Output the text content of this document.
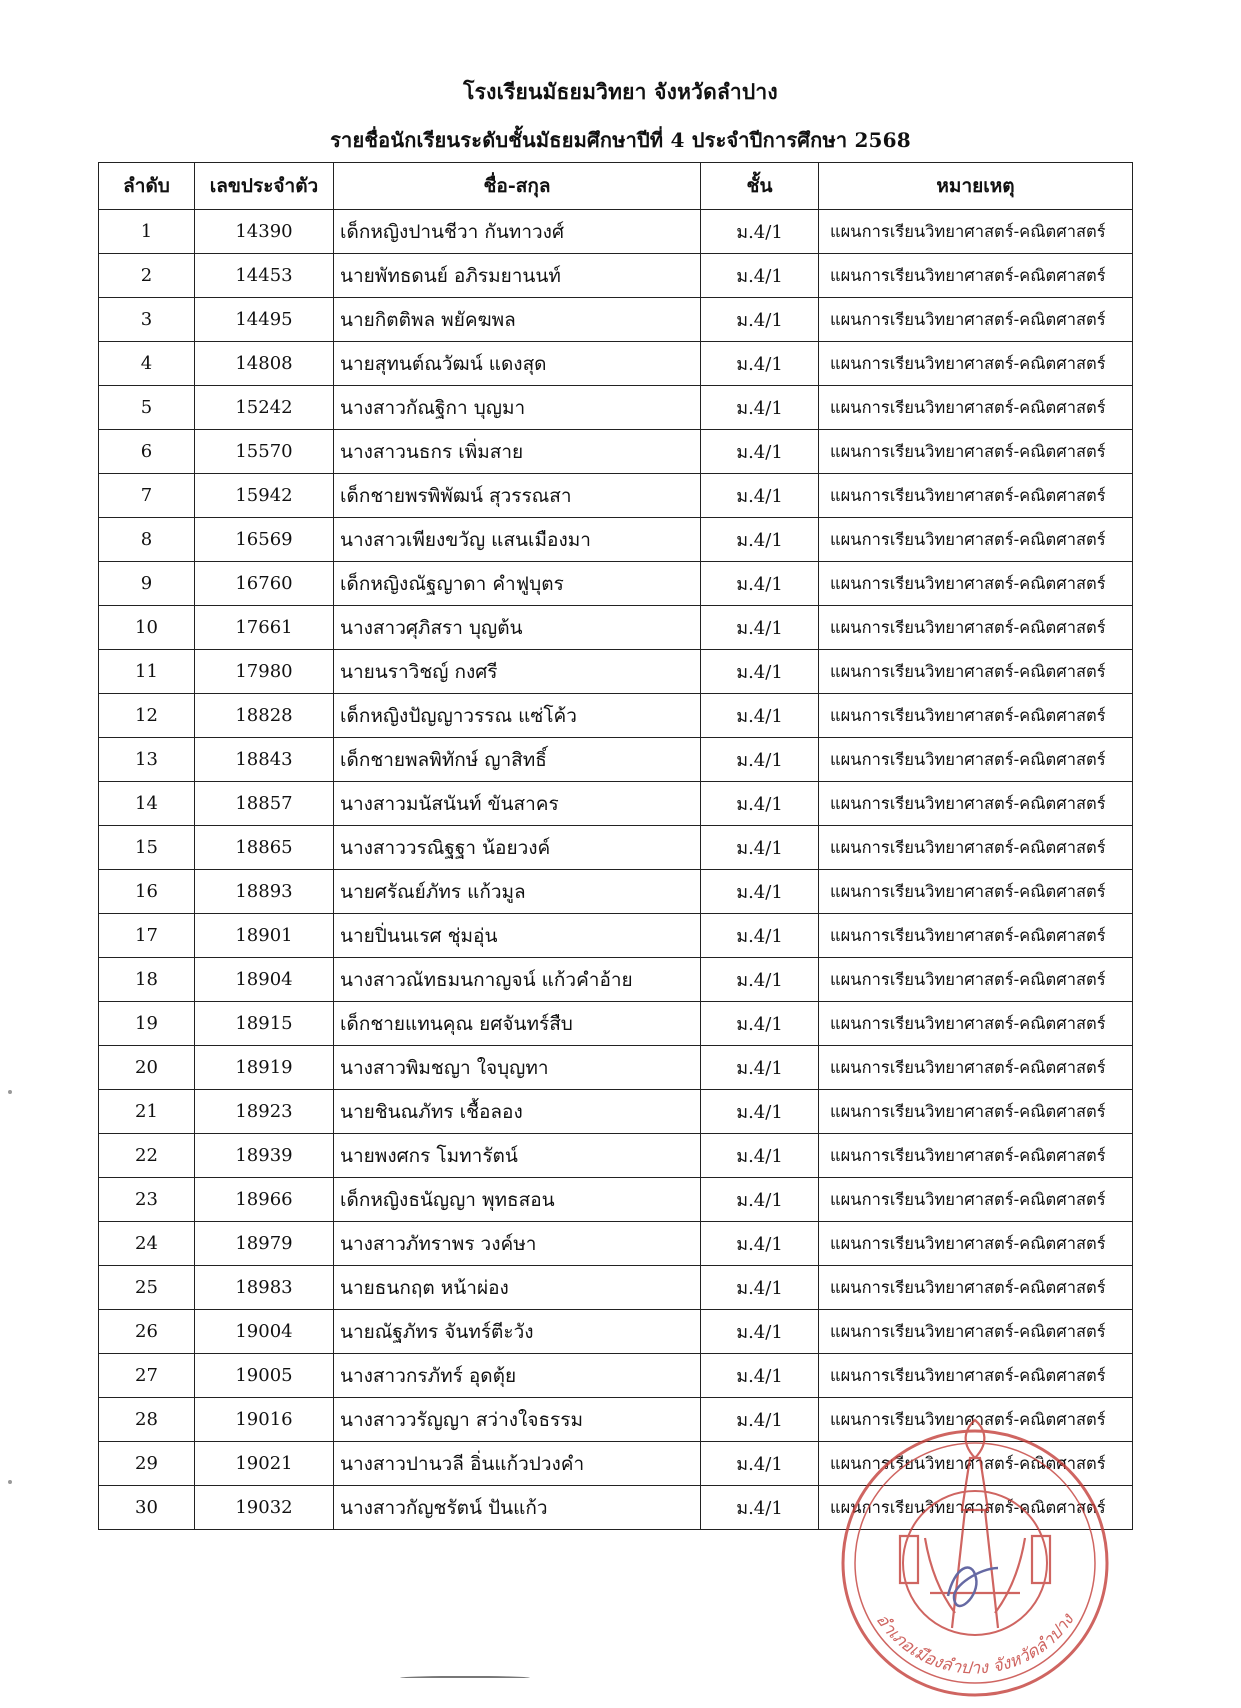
โรงเรียนมัธยมวิทยา จังหวัดลำปาง
รายชื่อนักเรียนระดับชั้นมัธยมศึกษาปีที่ 4 ประจำปีการศึกษา 2568
ลำดับ	เลขประจำตัว	ชื่อ-สกุล	ชั้น	หมายเหตุ
1	14390	เด็กหญิงปานชีวา กันทาวงศ์	ม.4/1	แผนการเรียนวิทยาศาสตร์-คณิตศาสตร์
2	14453	นายพัทธดนย์ อภิรมยานนท์	ม.4/1	แผนการเรียนวิทยาศาสตร์-คณิตศาสตร์
3	14495	นายกิตติพล พยัคฆพล	ม.4/1	แผนการเรียนวิทยาศาสตร์-คณิตศาสตร์
4	14808	นายสุทนต์ณวัฒน์ แดงสุด	ม.4/1	แผนการเรียนวิทยาศาสตร์-คณิตศาสตร์
5	15242	นางสาวกัณฐิกา บุญมา	ม.4/1	แผนการเรียนวิทยาศาสตร์-คณิตศาสตร์
6	15570	นางสาวนธกร เพิ่มสาย	ม.4/1	แผนการเรียนวิทยาศาสตร์-คณิตศาสตร์
7	15942	เด็กชายพรพิพัฒน์ สุวรรณสา	ม.4/1	แผนการเรียนวิทยาศาสตร์-คณิตศาสตร์
8	16569	นางสาวเพียงขวัญ แสนเมืองมา	ม.4/1	แผนการเรียนวิทยาศาสตร์-คณิตศาสตร์
9	16760	เด็กหญิงณัฐญาดา คำฟูบุตร	ม.4/1	แผนการเรียนวิทยาศาสตร์-คณิตศาสตร์
10	17661	นางสาวศุภิสรา บุญต้น	ม.4/1	แผนการเรียนวิทยาศาสตร์-คณิตศาสตร์
11	17980	นายนราวิชญ์ กงศรี	ม.4/1	แผนการเรียนวิทยาศาสตร์-คณิตศาสตร์
12	18828	เด็กหญิงปัญญาวรรณ แซ่โค้ว	ม.4/1	แผนการเรียนวิทยาศาสตร์-คณิตศาสตร์
13	18843	เด็กชายพลพิทักษ์ ญาสิทธิ์	ม.4/1	แผนการเรียนวิทยาศาสตร์-คณิตศาสตร์
14	18857	นางสาวมนัสนันท์ ขันสาคร	ม.4/1	แผนการเรียนวิทยาศาสตร์-คณิตศาสตร์
15	18865	นางสาววรณิฐฐา น้อยวงค์	ม.4/1	แผนการเรียนวิทยาศาสตร์-คณิตศาสตร์
16	18893	นายศรัณย์ภัทร แก้วมูล	ม.4/1	แผนการเรียนวิทยาศาสตร์-คณิตศาสตร์
17	18901	นายปิ่นนเรศ ชุ่มอุ่น	ม.4/1	แผนการเรียนวิทยาศาสตร์-คณิตศาสตร์
18	18904	นางสาวณัทธมนกาญจน์ แก้วคำอ้าย	ม.4/1	แผนการเรียนวิทยาศาสตร์-คณิตศาสตร์
19	18915	เด็กชายแทนคุณ ยศจันทร์สืบ	ม.4/1	แผนการเรียนวิทยาศาสตร์-คณิตศาสตร์
20	18919	นางสาวพิมชญา ใจบุญทา	ม.4/1	แผนการเรียนวิทยาศาสตร์-คณิตศาสตร์
21	18923	นายชินณภัทร เชื้อลอง	ม.4/1	แผนการเรียนวิทยาศาสตร์-คณิตศาสตร์
22	18939	นายพงศกร โมทารัตน์	ม.4/1	แผนการเรียนวิทยาศาสตร์-คณิตศาสตร์
23	18966	เด็กหญิงธนัญญา พุทธสอน	ม.4/1	แผนการเรียนวิทยาศาสตร์-คณิตศาสตร์
24	18979	นางสาวภัทราพร วงค์ษา	ม.4/1	แผนการเรียนวิทยาศาสตร์-คณิตศาสตร์
25	18983	นายธนกฤต หน้าผ่อง	ม.4/1	แผนการเรียนวิทยาศาสตร์-คณิตศาสตร์
26	19004	นายณัฐภัทร จันทร์ตีะวัง	ม.4/1	แผนการเรียนวิทยาศาสตร์-คณิตศาสตร์
27	19005	นางสาวกรภัทร์ อุดตุ้ย	ม.4/1	แผนการเรียนวิทยาศาสตร์-คณิตศาสตร์
28	19016	นางสาววรัญญา สว่างใจธรรม	ม.4/1	แผนการเรียนวิทยาศาสตร์-คณิตศาสตร์
29	19021	นางสาวปานวลี อิ่นแก้วปวงคำ	ม.4/1	แผนการเรียนวิทยาศาสตร์-คณิตศาสตร์
30	19032	นางสาวกัญชรัตน์ ปันแก้ว	ม.4/1	แผนการเรียนวิทยาศาสตร์-คณิตศาสตร์
อำเภอเมืองลำปาง จังหวัดลำปาง
